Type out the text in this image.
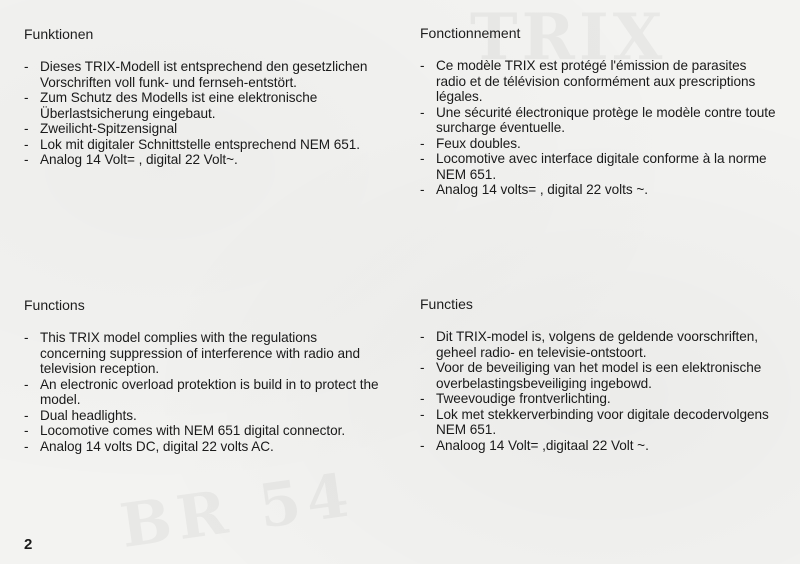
Funktionen
- Dieses TRIX-Modell ist entsprechend den gesetzlichen Vorschriften voll funk- und fernseh-entstört.
- Zum Schutz des Modells ist eine elektronische Überlastsicherung eingebaut.
- Zweilicht-Spitzensignal
- Lok mit digitaler Schnittstelle entsprechend NEM 651.
- Analog 14 Volt= , digital 22 Volt~.
Fonctionnement
- Ce modèle TRIX est protégé l'émission de parasites radio et de télévision conformément aux prescriptions légales.
- Une sécurité électronique protège le modèle contre toute surcharge éventuelle.
- Feux doubles.
- Locomotive avec interface digitale conforme à la norme NEM 651.
- Analog 14 volts= , digital 22 volts ~.
Functions
- This TRIX model complies with the regulations concerning suppression of interference with radio and television reception.
- An electronic overload protektion is build in to protect the model.
- Dual headlights.
- Locomotive comes with NEM 651 digital connector.
- Analog 14 volts DC, digital 22 volts AC.
Functies
- Dit TRIX-model is, volgens de geldende voorschriften, geheel radio- en televisie-ontstoort.
- Voor de beveiliging van het model is een elektronische overbelastingsbeveiliging ingebowd.
- Tweevoudige frontverlichting.
- Lok met stekkerverbinding voor digitale decodervolgens NEM 651.
- Analoog 14 Volt= ,digitaal 22 Volt ~.
2
